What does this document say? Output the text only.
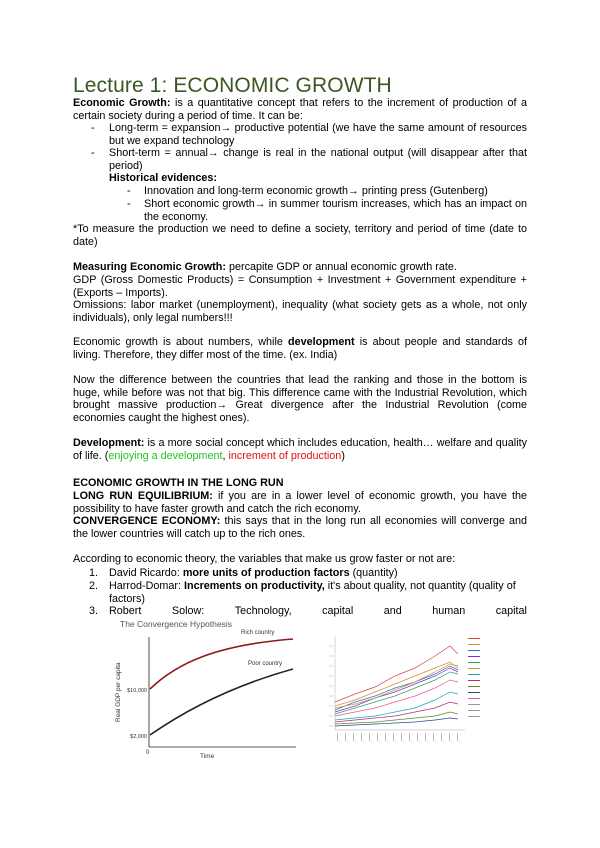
Lecture 1: ECONOMIC GROWTH
Economic Growth: is a quantitative concept that refers to the increment of production of a certain society during a period of time. It can be:
-	Long-term = expansion→ productive potential (we have the same amount of resources but we expand technology
-	Short-term = annual→ change is real in the national output (will disappear after that period)
Historical evidences:
-	Innovation and long-term economic growth→ printing press (Gutenberg)
-	Short economic growth→ in summer tourism increases, which has an impact on the economy.
*To measure the production we need to define a society, territory and period of time (date to date)
Measuring Economic Growth: percapite GDP or annual economic growth rate.
GDP (Gross Domestic Products) = Consumption + Investment + Government expenditure + (Exports – Imports).
Omissions: labor market (unemployment), inequality (what society gets as a whole, not only individuals), only legal numbers!!!
Economic growth is about numbers, while development is about people and standards of living. Therefore, they differ most of the time. (ex. India)
Now the difference between the countries that lead the ranking and those in the bottom is huge, while before was not that big. This difference came with the Industrial Revolution, which brought massive production→ Great divergence after the Industrial Revolution (come economies caught the highest ones).
Development: is a more social concept which includes education, health… welfare and quality of life. (enjoying a development, increment of production)
ECONOMIC GROWTH IN THE LONG RUN
LONG RUN EQUILIBRIUM: if you are in a lower level of economic growth, you have the possibility to have faster growth and catch the rich economy.
CONVERGENCE ECONOMY: this says that in the long run all economies will converge and the lower countries will catch up to the rich ones.
According to economic theory, the variables that make us grow faster or not are:
1.	David Ricardo: more units of production factors (quantity)
2.	Harrod-Domar: Increments on productivity, it's about quality, not quantity (quality of factors)
3.	Robert	Solow:	Technology,	capital	and	human	capital
The Convergence Hypothesis
Real GDP per capita
Time
0
$10,000
$2,000
Rich country
Poor country
